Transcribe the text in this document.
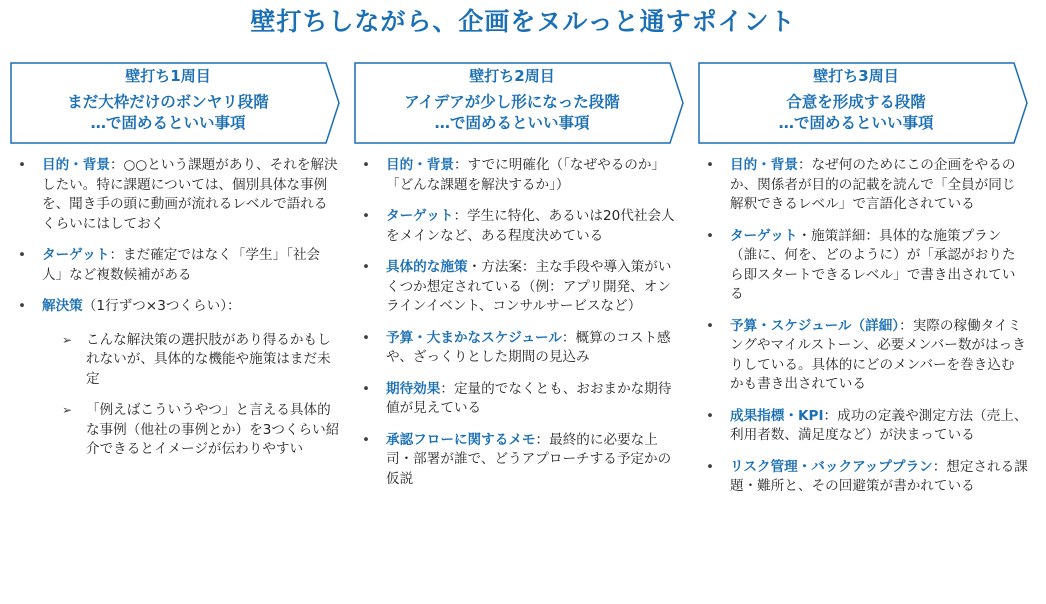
壁打ちしながら、企画をヌルっと通すポイント
壁打ち1周目
まだ大枠だけのボンヤリ段階
…で固めるといい事項
• 目的・背景：○○という課題があり、それを解決したい。特に課題については、個別具体な事例を、聞き手の頭に動画が流れるレベルで語れるくらいにはしておく
• ターゲット：まだ確定ではなく「学生」「社会人」など複数候補がある
• 解決策（1行ずつ×3つくらい）：
➢ こんな解決策の選択肢があり得るかもしれないが、具体的な機能や施策はまだ未定
➢ 「例えばこういうやつ」と言える具体的な事例（他社の事例とか）を3つくらい紹介できるとイメージが伝わりやすい
壁打ち2周目
アイデアが少し形になった段階
…で固めるといい事項
• 目的・背景：すでに明確化（「なぜやるのか」「どんな課題を解決するか」）
• ターゲット：学生に特化、あるいは20代社会人をメインなど、ある程度決めている
• 具体的な施策・方法案：主な手段や導入策がいくつか想定されている（例：アプリ開発、オンラインイベント、コンサルサービスなど）
• 予算・大まかなスケジュール：概算のコスト感や、ざっくりとした期間の見込み
• 期待効果：定量的でなくとも、おおまかな期待値が見えている
• 承認フローに関するメモ：最終的に必要な上司・部署が誰で、どうアプローチする予定かの仮説
壁打ち3周目
合意を形成する段階
…で固めるといい事項
• 目的・背景：なぜ何のためにこの企画をやるのか、関係者が目的の記載を読んで「全員が同じ解釈できるレベル」で言語化されている
• ターゲット・施策詳細：具体的な施策プラン（誰に、何を、どのように）が「承認がおりたら即スタートできるレベル」で書き出されている
• 予算・スケジュール（詳細）：実際の稼働タイミングやマイルストーン、必要メンバー数がはっきりしている。具体的にどのメンバーを巻き込むかも書き出されている
• 成果指標・KPI：成功の定義や測定方法（売上、利用者数、満足度など）が決まっている
• リスク管理・バックアッププラン：想定される課題・難所と、その回避策が書かれている
